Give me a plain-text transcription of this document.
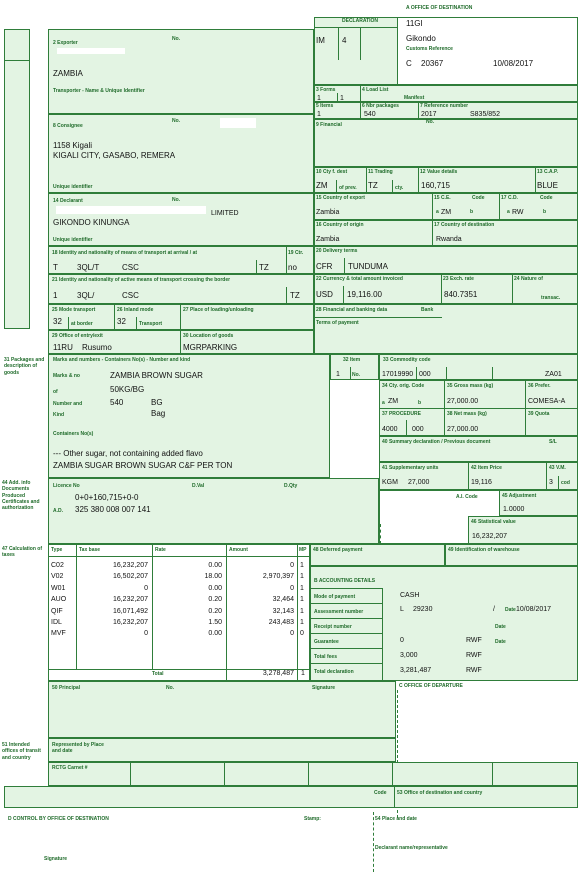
A OFFICE OF DESTINATION
DECLARATION
IM 4
11GI
Gikondo
Customs Reference
C 20367	10/08/2017
2 Exporter
No.
ZAMBIA
Transporter - Name & Unique Identifier
8 Consignee
No.
1158 Kigali
KIGALI CITY, GASABO, REMERA
Unique identifier
14 Declarant	No.
LIMITED
GIKONDO KINUNGA
Unique identifier
18 Identity and nationality of means of transport at arrival / at	19 Ctr.
T 3QL/T	CSC	TZ no
21 Identity and nationality of active means of transport crossing the border
1 3QL/	CSC	TZ
25 Mode transport	26 Inland mode	27 Place of loading/unloading
32 at border	32	Transport
29 Office of entry/exit	30 Location of goods
11RU Rusumo	MGRPARKING
3 Forms	4 Load List
1	1	Manifest
5 Items	6 Nbr packages	7 Reference number
1	540	2017	S835/852
9 Financial	No.
10 Cty f. dest	11 Trading	12 Value details	13 C.A.P.
ZM of prev. TZ	cty. 160,715	BLUE
15 Country of export	15 C.E.	Code	17 C.D.	Code
Zambia	a ZM	b	a RW	b
16 Country of origin	17 Country of destination
Zambia	Rwanda
20 Delivery terms
CFR TUNDUMA
22 Currency & total amount invoiced	23 Exch. rate	24 Nature of
USD 19,116.00	840.7351	transac.
28 Financial and banking data	Bank
Terms of payment
31 Packages and description of goods
Marks and numbers - Containers No(s) - Number and kind
Marks & no	ZAMBIA BROWN SUGAR
of	50KG/BG
Number and	540	BG
Kind	Bag
Containers No(s)
--- Other sugar, not containing added flavo
ZAMBIA SUGAR BROWN SUGAR C&F PER TON
32 Item
1 No.
33 Commodity code
17019990 000	ZA01
34 Cty. orig. Code	35 Gross mass (kg)	36 Prefer.
a ZM	b	27,000.00	COMESA-A
37 PROCEDURE	38 Net mass (kg)	39 Quota
4000 000	27,000.00
40 Summary declaration / Previous document	S/L
41 Supplementary units	42 Item Price	43 V.M.
KGM 27,000	19,116	3 cod
44 Add. info Documents Produced Certificates and authorization
Licence No	D.Val	D.Qty
0+0+160,715+0-0
A.D. 325 380 008 007 141
A.I. Code	45 Adjustment
1.0000
46 Statistical value
16,232,207
47 Calculation of taxes
Type	Tax base	Rate	Amount	MP
C02	16,232,207	0.00	0 1
V02	16,502,207	18.00	2,970,397 1
W01	0	0.00	0 1
AUO	16,232,207	0.20	32,464 1
QIF	16,071,492	0.20	32,143 1
IDL	16,232,207	1.50	243,483 1
MVF	0	0.00	0 0
Total	3,278,487 1
48 Deferred payment	49 Identification of warehouse
B ACCOUNTING DETAILS
Mode of payment	CASH
Assessment number	L 29230	/ Date 10/08/2017
Receipt number	Date
Guarantee	0	RWF	Date
Total fees	3,000	RWF
Total declaration	3,281,487	RWF
50 Principal	No.	Signature	C OFFICE OF DEPARTURE
51 Intended offices of transit and country
Represented by Place and date
RCTG Carnet #
Code 53 Office of destination and country
D CONTROL BY OFFICE OF DESTINATION	Stamp:	54 Place and date
Declarant name/representative
Signature
